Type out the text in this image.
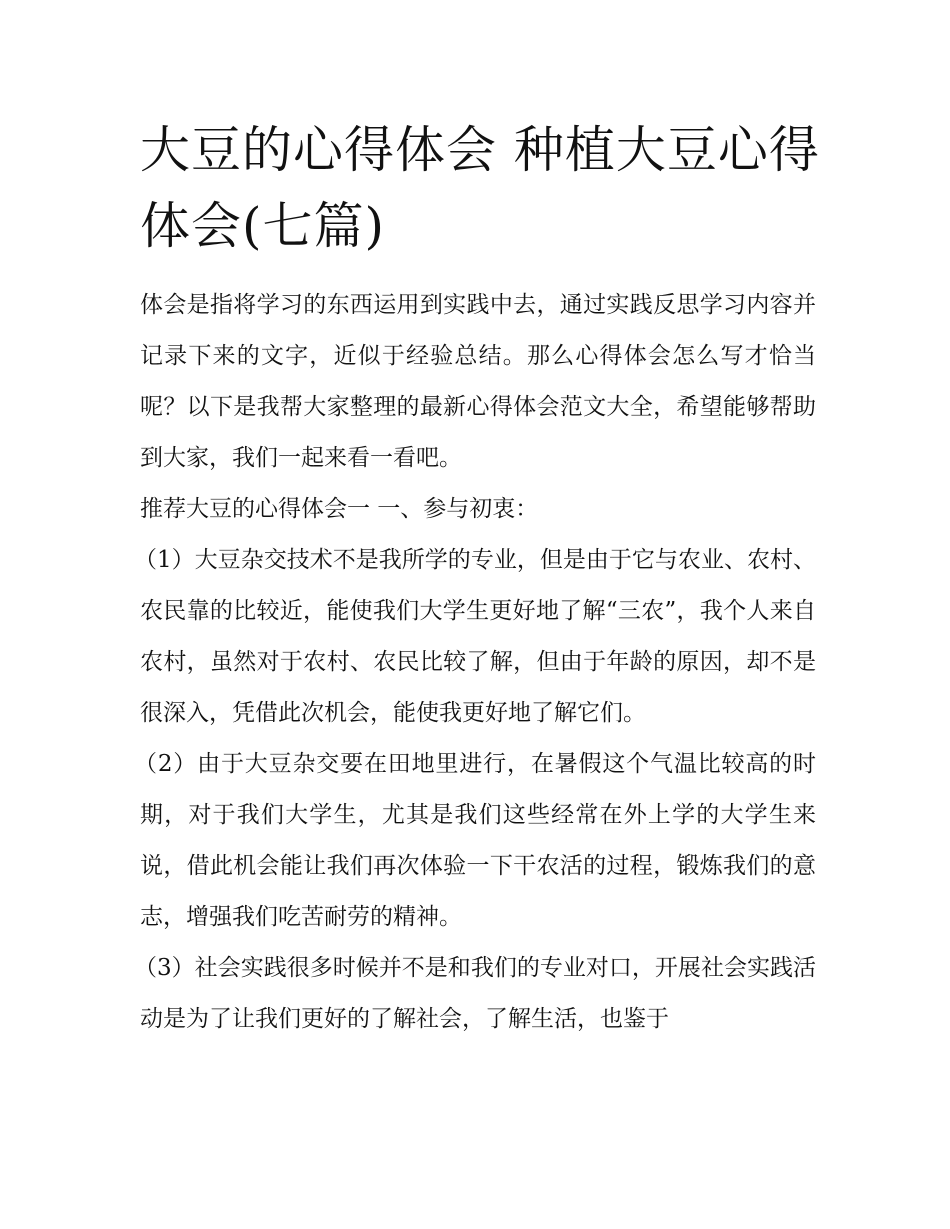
大豆的心得体会 种植大豆心得体会(七篇)

体会是指将学习的东西运用到实践中去，通过实践反思学习内容并记录下来的文字，近似于经验总结。那么心得体会怎么写才恰当呢？以下是我帮大家整理的最新心得体会范文大全，希望能够帮助到大家，我们一起来看一看吧。

推荐大豆的心得体会一 一、参与初衷：

（1）大豆杂交技术不是我所学的专业，但是由于它与农业、农村、农民靠的比较近，能使我们大学生更好地了解“三农”，我个人来自农村，虽然对于农村、农民比较了解，但由于年龄的原因，却不是很深入，凭借此次机会，能使我更好地了解它们。

（2）由于大豆杂交要在田地里进行，在暑假这个气温比较高的时期，对于我们大学生，尤其是我们这些经常在外上学的大学生来说，借此机会能让我们再次体验一下干农活的过程，锻炼我们的意志，增强我们吃苦耐劳的精神。

（3）社会实践很多时候并不是和我们的专业对口，开展社会实践活动是为了让我们更好的了解社会，了解生活，也鉴于
